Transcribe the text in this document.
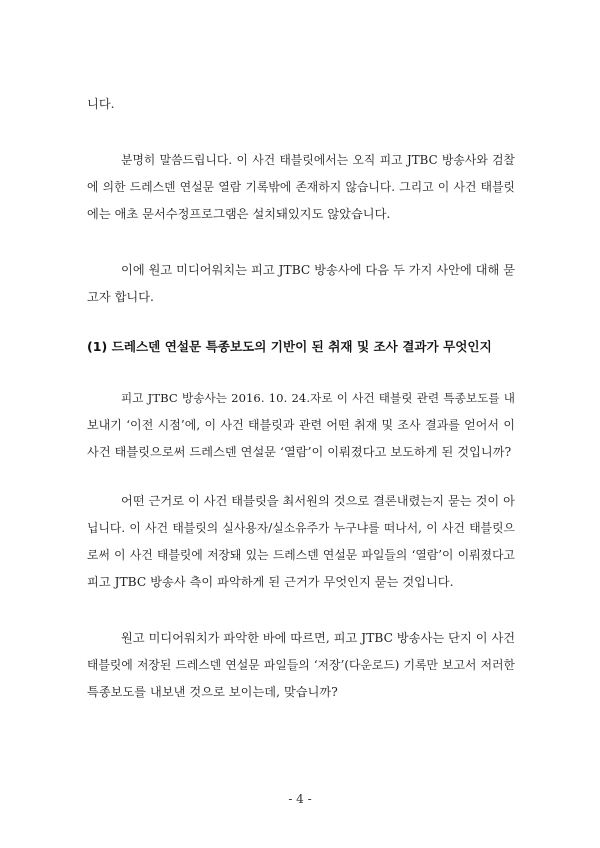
니다.
분명히 말씀드립니다. 이 사건 태블릿에서는 오직 피고 JTBC 방송사와 검찰
에 의한 드레스덴 연설문 열람 기록밖에 존재하지 않습니다. 그리고 이 사건 태블릿
에는 애초 문서수정프로그램은 설치돼있지도 않았습니다.
이에 원고 미디어워치는 피고 JTBC 방송사에 다음 두 가지 사안에 대해 묻
고자 합니다.
(1) 드레스덴 연설문 특종보도의 기반이 된 취재 및 조사 결과가 무엇인지
피고 JTBC 방송사는 2016. 10. 24.자로 이 사건 태블릿 관련 특종보도를 내
보내기 ‘이전 시점’에, 이 사건 태블릿과 관련 어떤 취재 및 조사 결과를 얻어서 이
사건 태블릿으로써 드레스덴 연설문 ‘열람’이 이뤄졌다고 보도하게 된 것입니까?
어떤 근거로 이 사건 태블릿을 최서원의 것으로 결론내렸는지 묻는 것이 아
닙니다. 이 사건 태블릿의 실사용자/실소유주가 누구냐를 떠나서, 이 사건 태블릿으
로써 이 사건 태블릿에 저장돼 있는 드레스덴 연설문 파일들의 ‘열람’이 이뤄졌다고
피고 JTBC 방송사 측이 파악하게 된 근거가 무엇인지 묻는 것입니다.
원고 미디어워치가 파악한 바에 따르면, 피고 JTBC 방송사는 단지 이 사건
태블릿에 저장된 드레스덴 연설문 파일들의 ‘저장’(다운로드) 기록만 보고서 저러한
특종보도를 내보낸 것으로 보이는데, 맞습니까?
- 4 -
